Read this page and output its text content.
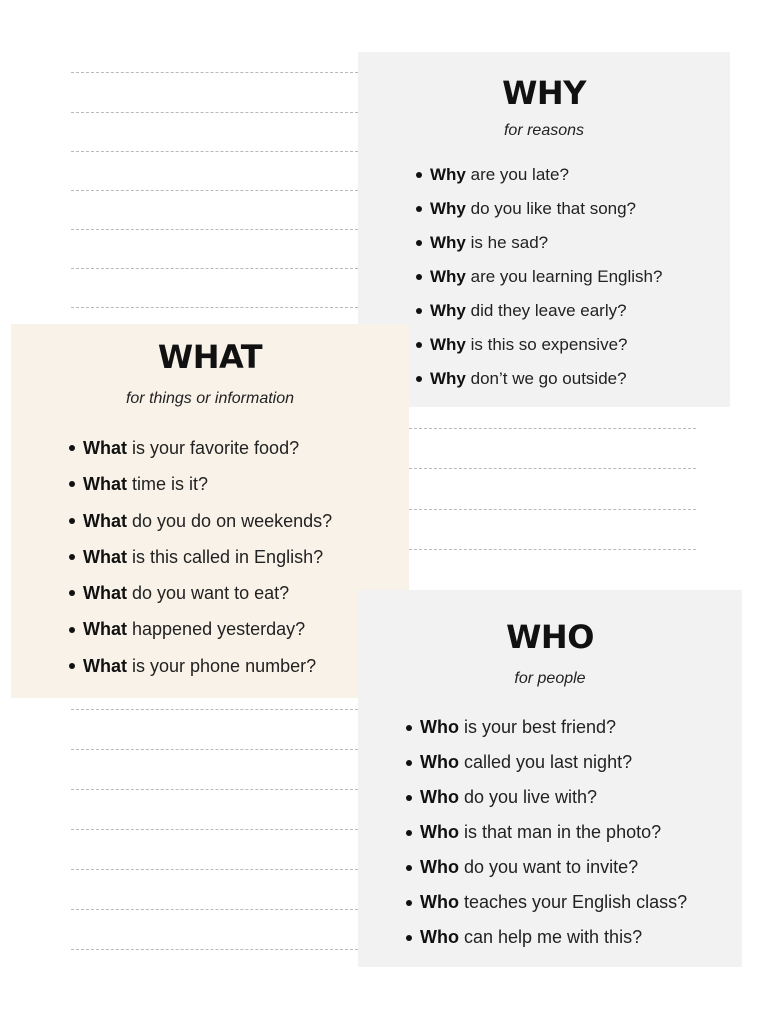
WHY
for reasons
Why are you late?
Why do you like that song?
Why is he sad?
Why are you learning English?
Why did they leave early?
Why is this so expensive?
Why don’t we go outside?
WHAT
for things or information
What is your favorite food?
What time is it?
What do you do on weekends?
What is this called in English?
What do you want to eat?
What happened yesterday?
What is your phone number?
WHO
for people
Who is your best friend?
Who called you last night?
Who do you live with?
Who is that man in the photo?
Who do you want to invite?
Who teaches your English class?
Who can help me with this?
